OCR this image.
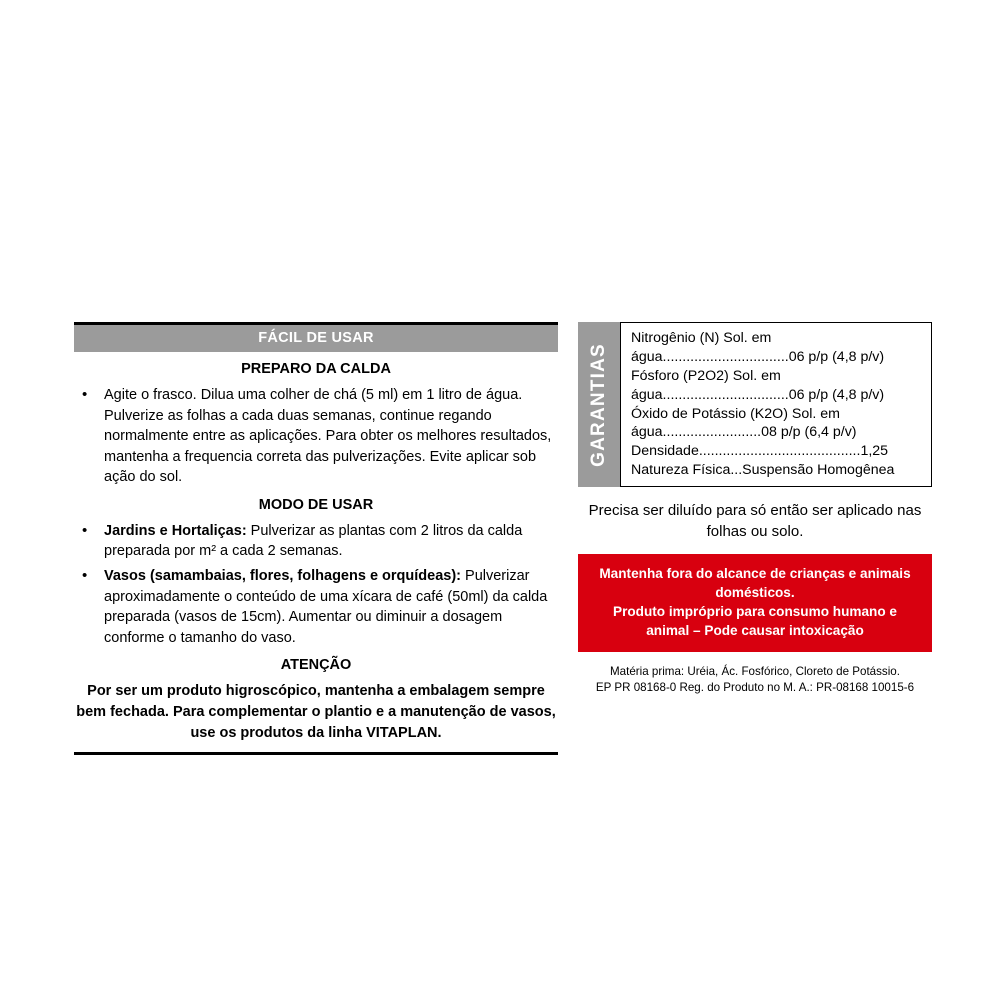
FÁCIL DE USAR
PREPARO DA CALDA
• Agite o frasco. Dilua uma colher de chá (5 ml) em 1 litro de água. Pulverize as folhas a cada duas semanas, continue regando normalmente entre as aplicações. Para obter os melhores resultados, mantenha a frequencia correta das pulverizações. Evite aplicar sob ação do sol.
MODO DE USAR
• Jardins e Hortaliças: Pulverizar as plantas com 2 litros da calda preparada por m² a cada 2 semanas.
• Vasos (samambaias, flores, folhagens e orquídeas): Pulverizar aproximadamente o conteúdo de uma xícara de café (50ml) da calda preparada (vasos de 15cm). Aumentar ou diminuir a dosagem conforme o tamanho do vaso.
ATENÇÃO
Por ser um produto higroscópico, mantenha a embalagem sempre bem fechada. Para complementar o plantio e a manutenção de vasos, use os produtos da linha VITAPLAN.
GARANTIAS
Nitrogênio (N) Sol. em água................................06 p/p (4,8 p/v)
Fósforo (P2O2) Sol. em água................................06 p/p (4,8 p/v)
Óxido de Potássio (K2O) Sol. em água.........................08 p/p (6,4 p/v)
Densidade.........................................1,25
Natureza Física...Suspensão Homogênea
Precisa ser diluído para só então ser aplicado nas folhas ou solo.
Mantenha fora do alcance de crianças e animais domésticos.
Produto impróprio para consumo humano e animal – Pode causar intoxicação
Matéria prima: Uréia, Ác. Fosfórico, Cloreto de Potássio.
EP PR 08168-0 Reg. do Produto no M. A.: PR-08168 10015-6
